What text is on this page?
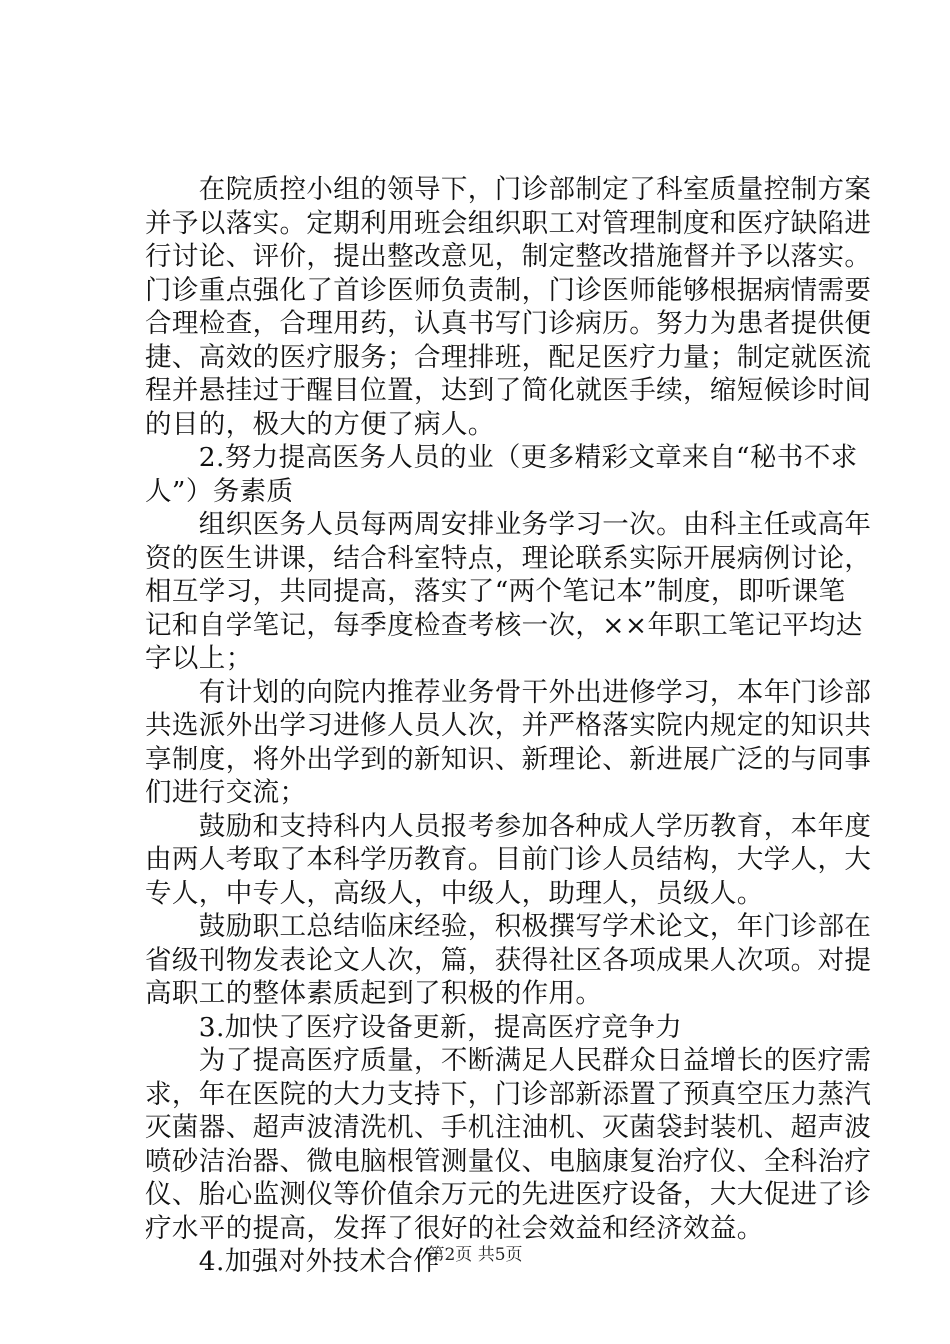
　　在院质控小组的领导下，门诊部制定了科室质量控制方案
并予以落实。定期利用班会组织职工对管理制度和医疗缺陷进
行讨论、评价，提出整改意见，制定整改措施督并予以落实。
门诊重点强化了首诊医师负责制，门诊医师能够根据病情需要
合理检查，合理用药，认真书写门诊病历。努力为患者提供便
捷、高效的医疗服务；合理排班，配足医疗力量；制定就医流
程并悬挂过于醒目位置，达到了简化就医手续，缩短候诊时间
的目的，极大的方便了病人。
　　2.努力提高医务人员的业（更多精彩文章来自“秘书不求
人”）务素质
　　组织医务人员每两周安排业务学习一次。由科主任或高年
资的医生讲课，结合科室特点，理论联系实际开展病例讨论，
相互学习，共同提高，落实了“两个笔记本”制度，即听课笔
记和自学笔记，每季度检查考核一次，××年职工笔记平均达
字以上；
　　有计划的向院内推荐业务骨干外出进修学习，本年门诊部
共选派外出学习进修人员人次，并严格落实院内规定的知识共
享制度，将外出学到的新知识、新理论、新进展广泛的与同事
们进行交流；
　　鼓励和支持科内人员报考参加各种成人学历教育，本年度
由两人考取了本科学历教育。目前门诊人员结构，大学人，大
专人，中专人，高级人，中级人，助理人，员级人。
　　鼓励职工总结临床经验，积极撰写学术论文，年门诊部在
省级刊物发表论文人次，篇，获得社区各项成果人次项。对提
高职工的整体素质起到了积极的作用。
　　3.加快了医疗设备更新，提高医疗竞争力
　　为了提高医疗质量，不断满足人民群众日益增长的医疗需
求，年在医院的大力支持下，门诊部新添置了预真空压力蒸汽
灭菌器、超声波清洗机、手机注油机、灭菌袋封装机、超声波
喷砂洁治器、微电脑根管测量仪、电脑康复治疗仪、全科治疗
仪、胎心监测仪等价值余万元的先进医疗设备，大大促进了诊
疗水平的提高，发挥了很好的社会效益和经济效益。
　　4.加强对外技术合作
第2页 共5页
